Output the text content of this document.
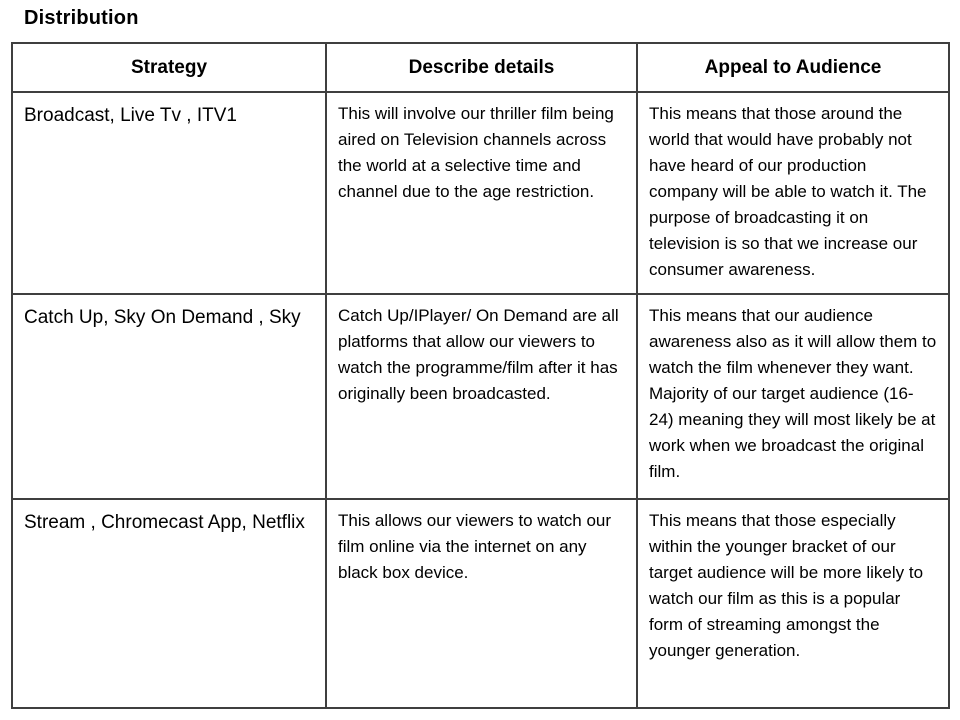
Distribution
Strategy	Describe details	Appeal to Audience
Broadcast, Live Tv , ITV1	This will involve our thriller film being aired on Television channels across the world at a selective time and channel due to the age restriction.	This means that those around the world that would have probably not have heard of our production company will be able to watch it. The purpose of broadcasting it on television is so that we increase our consumer awareness.
Catch Up, Sky On Demand , Sky	Catch Up/IPlayer/ On Demand are all platforms that allow our viewers to watch the programme/film after it has originally been broadcasted.	This means that our audience awareness also as it will allow them to watch the film whenever they want. Majority of our target audience (16-24) meaning they will most likely be at work when we broadcast the original film.
Stream , Chromecast App, Netflix	This allows our viewers to watch our film online via the internet on any black box device.	This means that those especially within the younger bracket of our target audience will be more likely to watch our film as this is a popular form of streaming amongst the younger generation.
